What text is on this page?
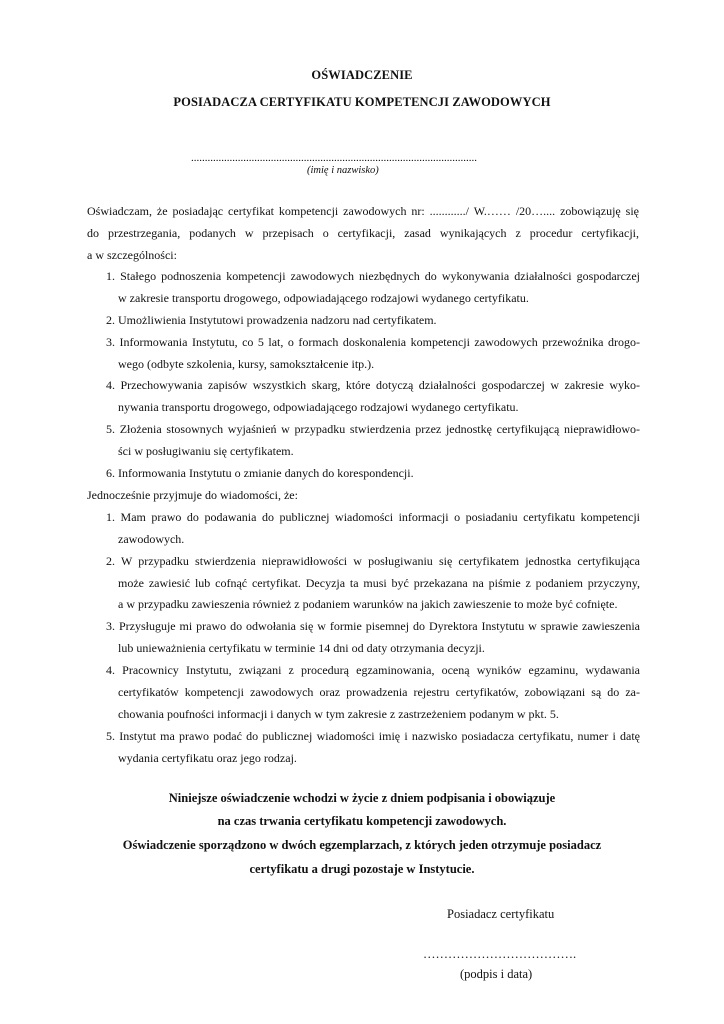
OŚWIADCZENIE
POSIADACZA CERTYFIKATU KOMPETENCJI ZAWODOWYCH
........................................................................................................
(imię i nazwisko)
Oświadczam, że posiadając certyfikat kompetencji zawodowych nr: ............/ W.…… /20….... zobowiązuję się
do przestrzegania, podanych w przepisach o certyfikacji, zasad wynikających z procedur certyfikacji,
a w szczególności:
1. Stałego podnoszenia kompetencji zawodowych niezbędnych do wykonywania działalności gospodarczej
w zakresie transportu drogowego, odpowiadającego rodzajowi wydanego certyfikatu.
2. Umożliwienia Instytutowi prowadzenia nadzoru nad certyfikatem.
3. Informowania Instytutu, co 5 lat, o formach doskonalenia kompetencji zawodowych przewoźnika drogo-
wego (odbyte szkolenia, kursy, samokształcenie itp.).
4. Przechowywania zapisów wszystkich skarg, które dotyczą działalności gospodarczej w zakresie wyko-
nywania transportu drogowego, odpowiadającego rodzajowi wydanego certyfikatu.
5. Złożenia stosownych wyjaśnień w przypadku stwierdzenia przez jednostkę certyfikującą nieprawidłowo-
ści w posługiwaniu się certyfikatem.
6. Informowania Instytutu o zmianie danych do korespondencji.
Jednocześnie przyjmuje do wiadomości, że:
1. Mam prawo do podawania do publicznej wiadomości informacji o posiadaniu certyfikatu kompetencji
zawodowych.
2. W przypadku stwierdzenia nieprawidłowości w posługiwaniu się certyfikatem jednostka certyfikująca
może zawiesić lub cofnąć certyfikat. Decyzja ta musi być przekazana na piśmie z podaniem przyczyny,
a w przypadku zawieszenia również z podaniem warunków na jakich zawieszenie to może być cofnięte.
3. Przysługuje mi prawo do odwołania się w formie pisemnej do Dyrektora Instytutu w sprawie zawieszenia
lub unieważnienia certyfikatu w terminie 14 dni od daty otrzymania decyzji.
4. Pracownicy Instytutu, związani z procedurą egzaminowania, oceną wyników egzaminu, wydawania
certyfikatów kompetencji zawodowych oraz prowadzenia rejestru certyfikatów, zobowiązani są do za-
chowania poufności informacji i danych w tym zakresie z zastrzeżeniem podanym w pkt. 5.
5. Instytut ma prawo podać do publicznej wiadomości imię i nazwisko posiadacza certyfikatu, numer i datę
wydania certyfikatu oraz jego rodzaj.
Niniejsze oświadczenie wchodzi w życie z dniem podpisania i obowiązuje
na czas trwania certyfikatu kompetencji zawodowych.
Oświadczenie sporządzono w dwóch egzemplarzach, z których jeden otrzymuje posiadacz
certyfikatu a drugi pozostaje w Instytucie.
Posiadacz certyfikatu
……………………………….
(podpis i data)
